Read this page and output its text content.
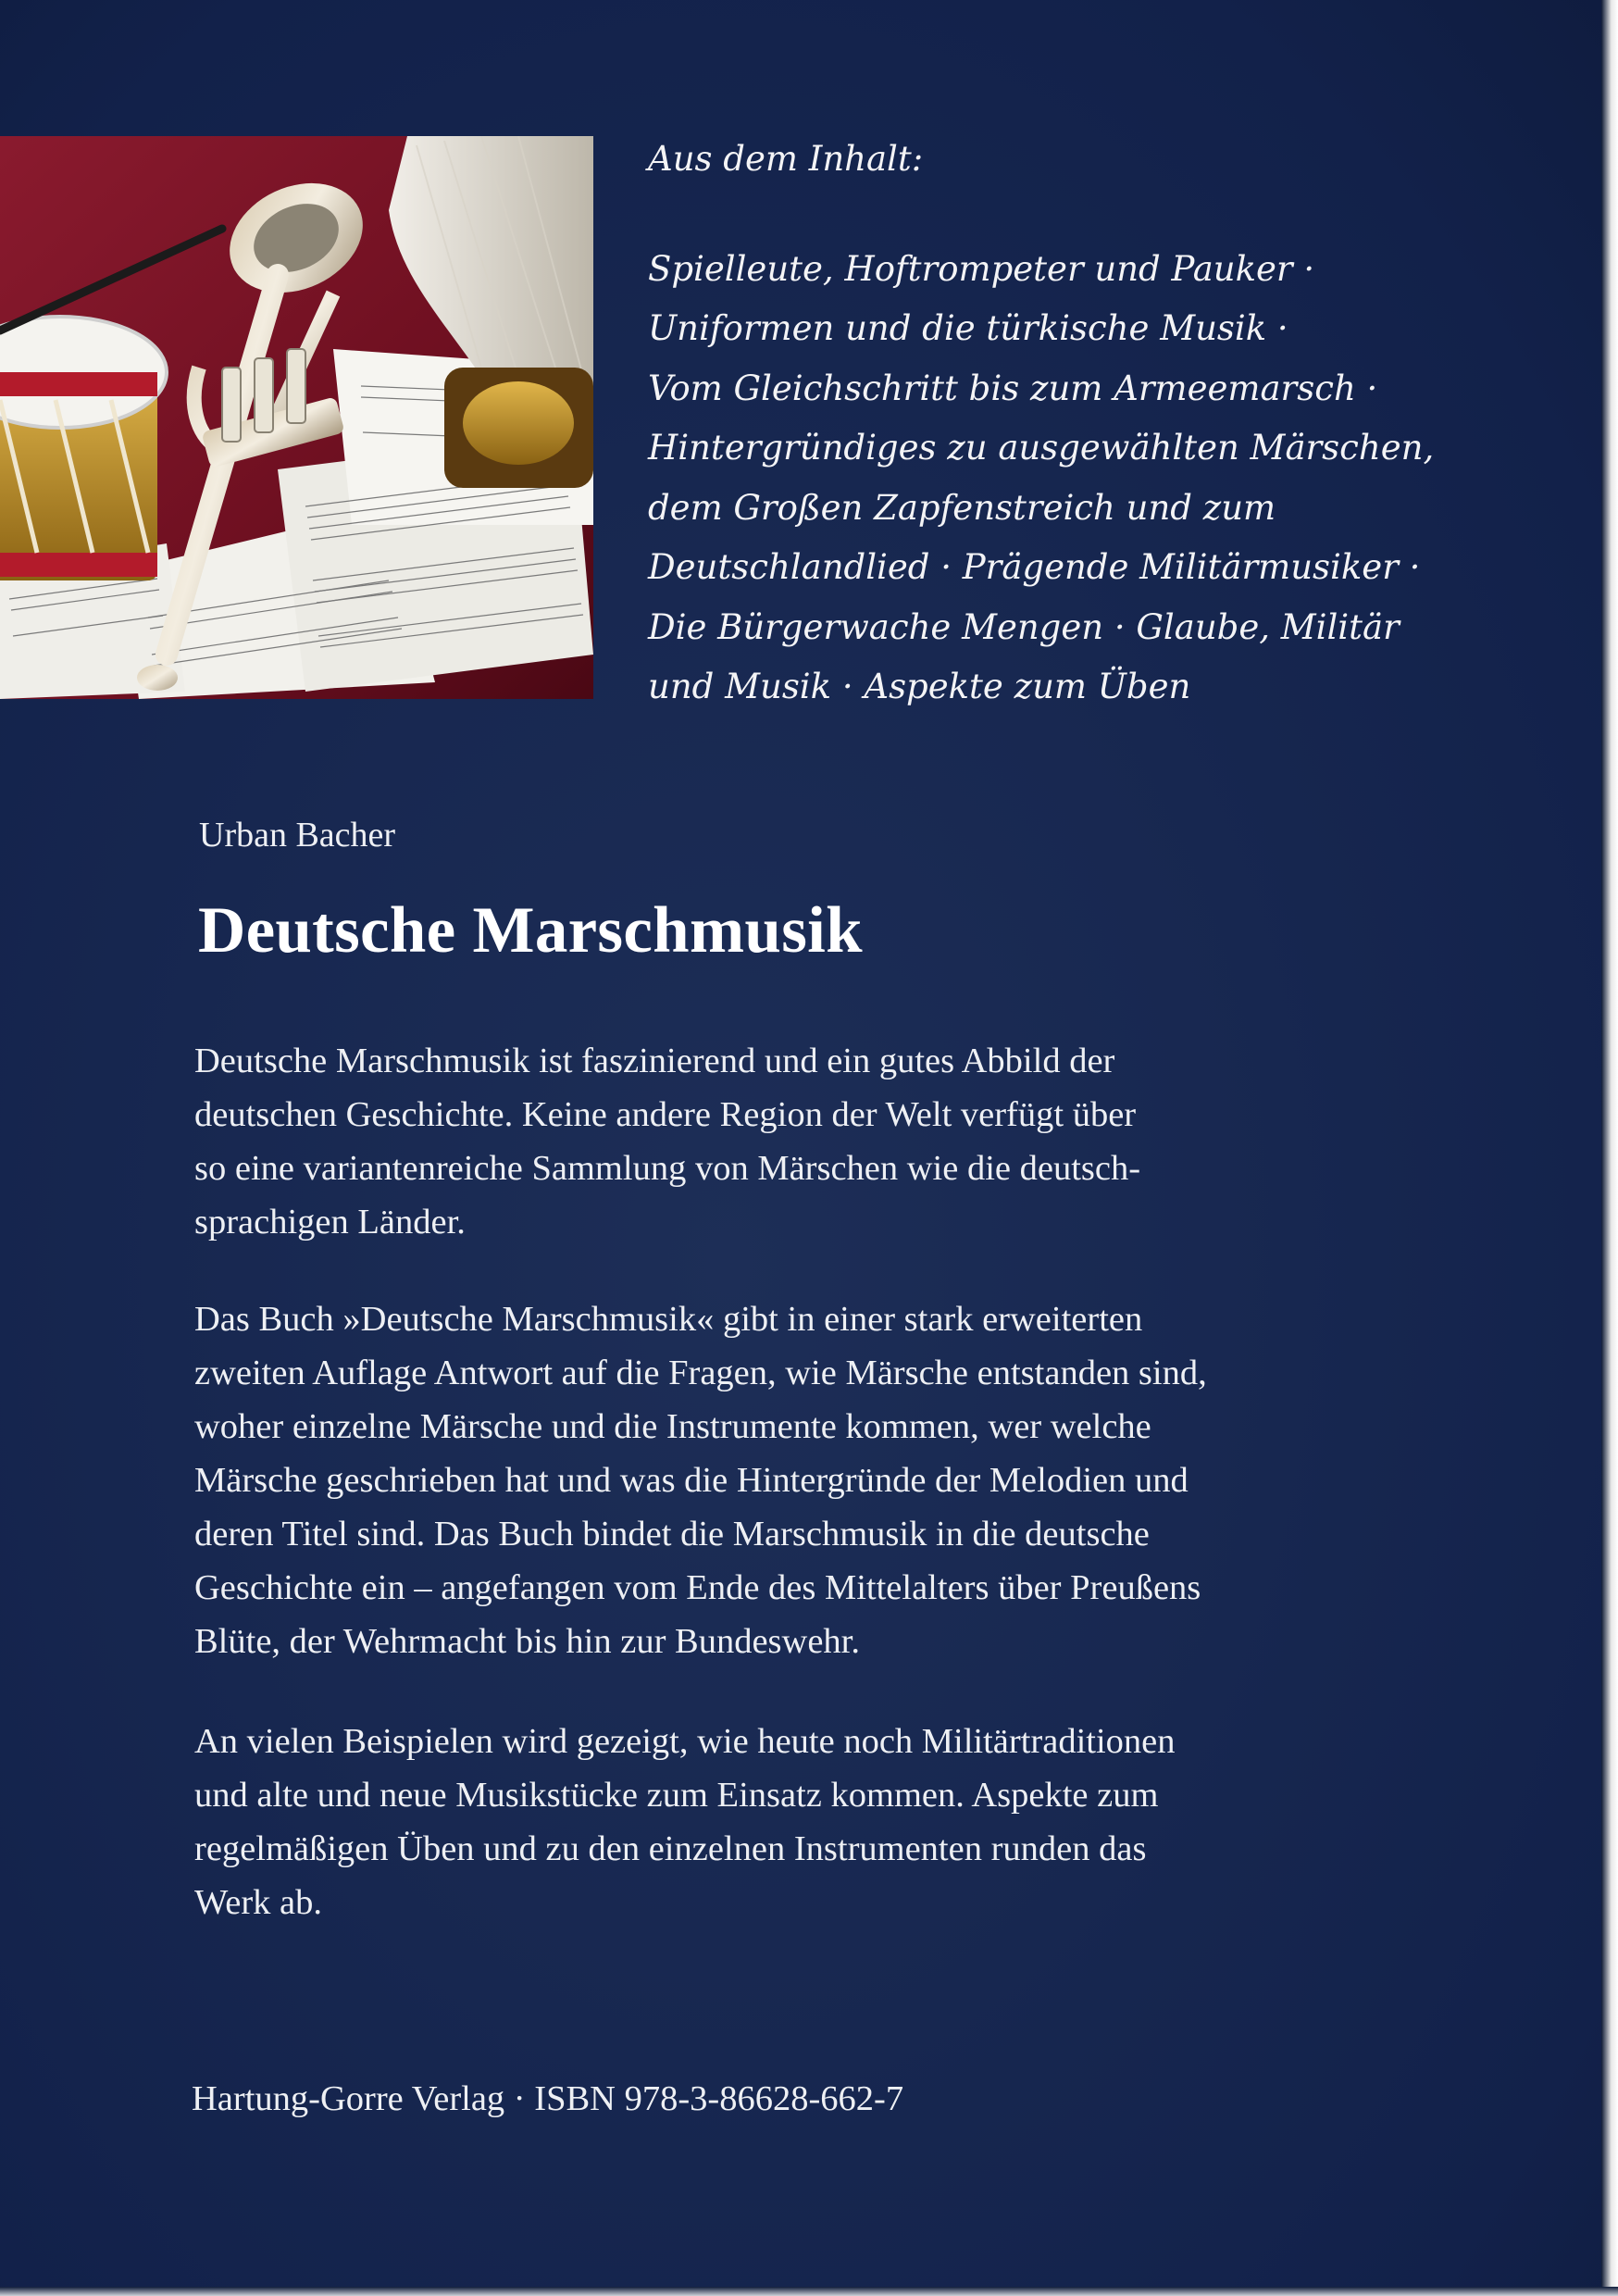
Aus dem Inhalt:
Spielleute, Hoftrompeter und Pauker ·
Uniformen und die türkische Musik ·
Vom Gleichschritt bis zum Armeemarsch ·
Hintergründiges zu ausgewählten Märschen,
dem Großen Zapfenstreich und zum
Deutschlandlied · Prägende Militärmusiker ·
Die Bürgerwache Mengen · Glaube, Militär
und Musik · Aspekte zum Üben
Urban Bacher
Deutsche Marschmusik
Deutsche Marschmusik ist faszinierend und ein gutes Abbild der
deutschen Geschichte. Keine andere Region der Welt verfügt über
so eine variantenreiche Sammlung von Märschen wie die deutsch-
sprachigen Länder.
Das Buch »Deutsche Marschmusik« gibt in einer stark erweiterten
zweiten Auflage Antwort auf die Fragen, wie Märsche entstanden sind,
woher einzelne Märsche und die Instrumente kommen, wer welche
Märsche geschrieben hat und was die Hintergründe der Melodien und
deren Titel sind. Das Buch bindet die Marschmusik in die deutsche
Geschichte ein – angefangen vom Ende des Mittelalters über Preußens
Blüte, der Wehrmacht bis hin zur Bundeswehr.
An vielen Beispielen wird gezeigt, wie heute noch Militärtraditionen
und alte und neue Musikstücke zum Einsatz kommen. Aspekte zum
regelmäßigen Üben und zu den einzelnen Instrumenten runden das
Werk ab.
Hartung-Gorre Verlag · ISBN 978-3-86628-662-7
